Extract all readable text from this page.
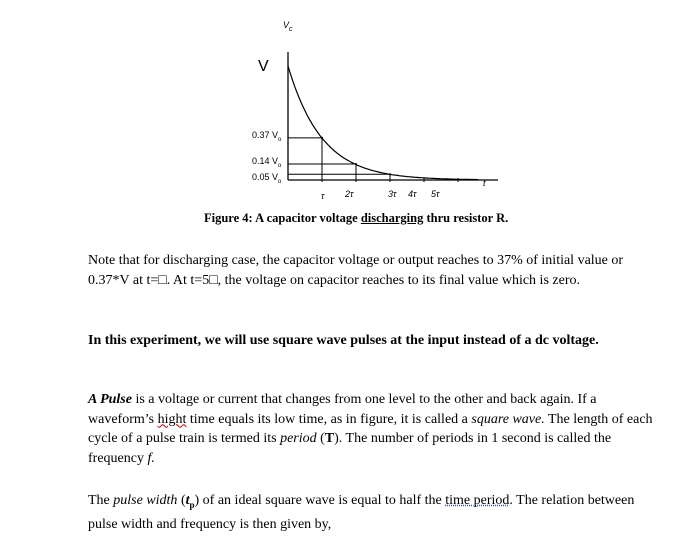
$V_c$
V
0.37 $V_o$
0.14 $V_o$
0.05 $V_o$
τ 2τ	3τ 4τ 5τ
t
Figure 4: A capacitor voltage discharging thru resistor R.

Note that for discharging case, the capacitor voltage or output reaches to 37% of initial value or 0.37*V at t=□. At t=5□, the voltage on capacitor reaches to its final value which is zero.

In this experiment, we will use square wave pulses at the input instead of a dc voltage.

A Pulse is a voltage or current that changes from one level to the other and back again. If a waveform’s hight time equals its low time, as in figure, it is called a square wave. The length of each cycle of a pulse train is termed its period (T). The number of periods in 1 second is called the frequency f.

The pulse width $(t_p)$ of an ideal square wave is equal to half the time period. The relation between pulse width and frequency is then given by,
